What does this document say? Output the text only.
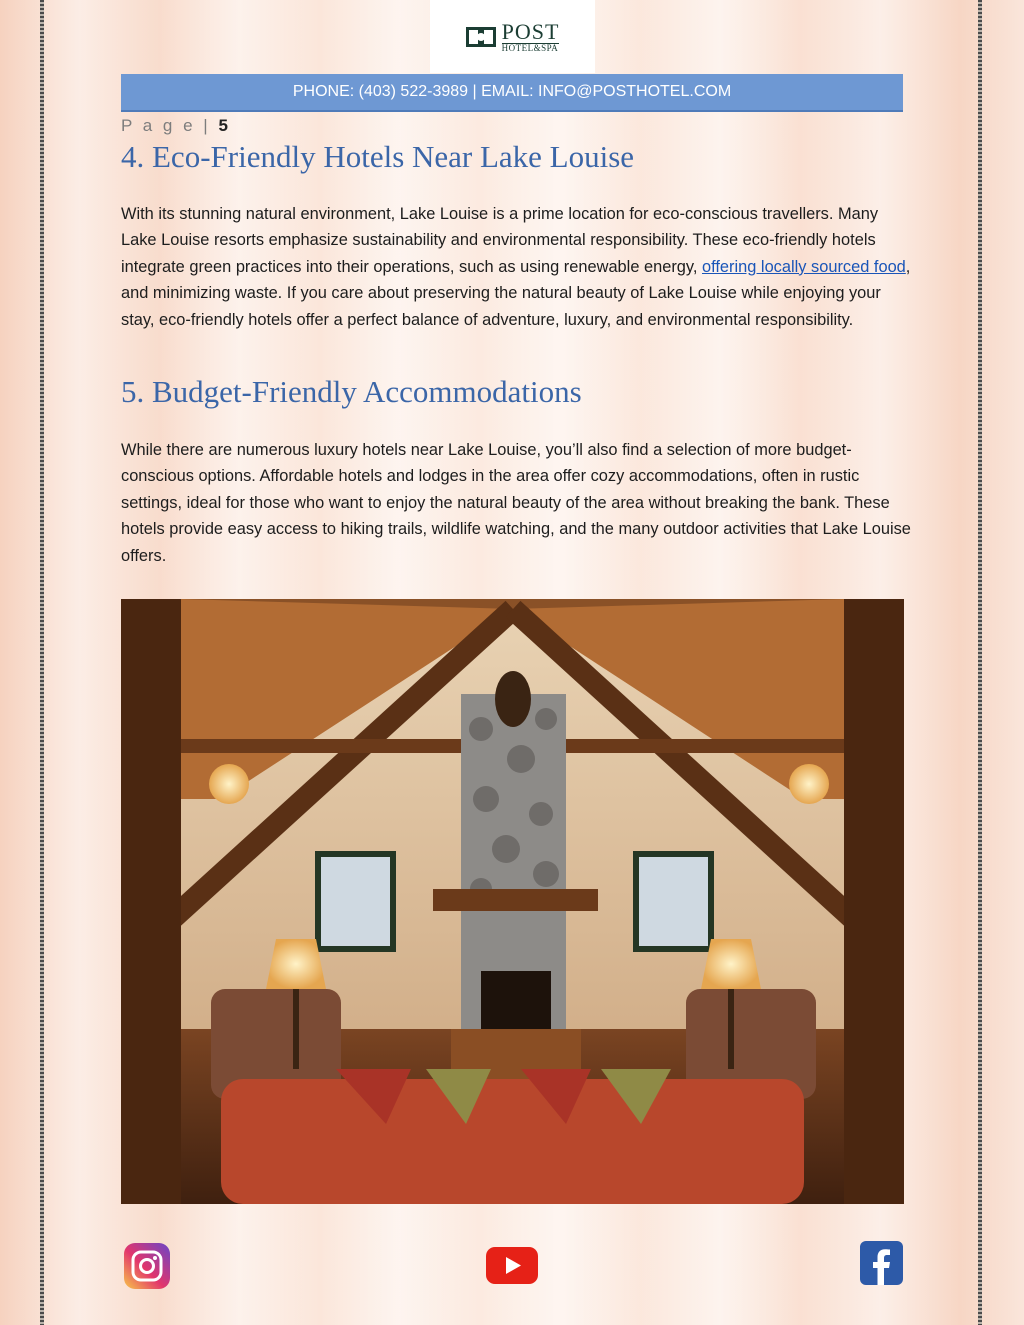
POST
HOTEL&SPA
PHONE: (403) 522-3989 | EMAIL: INFO@POSTHOTEL.COM
P a g e | 5
4. Eco-Friendly Hotels Near Lake Louise

With its stunning natural environment, Lake Louise is a prime location for eco-conscious travellers. Many Lake Louise resorts emphasize sustainability and environmental responsibility. These eco-friendly hotels integrate green practices into their operations, such as using renewable energy, offering locally sourced food, and minimizing waste. If you care about preserving the natural beauty of Lake Louise while enjoying your stay, eco-friendly hotels offer a perfect balance of adventure, luxury, and environmental responsibility.

5. Budget-Friendly Accommodations

While there are numerous luxury hotels near Lake Louise, you’ll also find a selection of more budget-conscious options. Affordable hotels and lodges in the area offer cozy accommodations, often in rustic settings, ideal for those who want to enjoy the natural beauty of the area without breaking the bank. These hotels provide easy access to hiking trails, wildlife watching, and the many outdoor activities that Lake Louise offers.
